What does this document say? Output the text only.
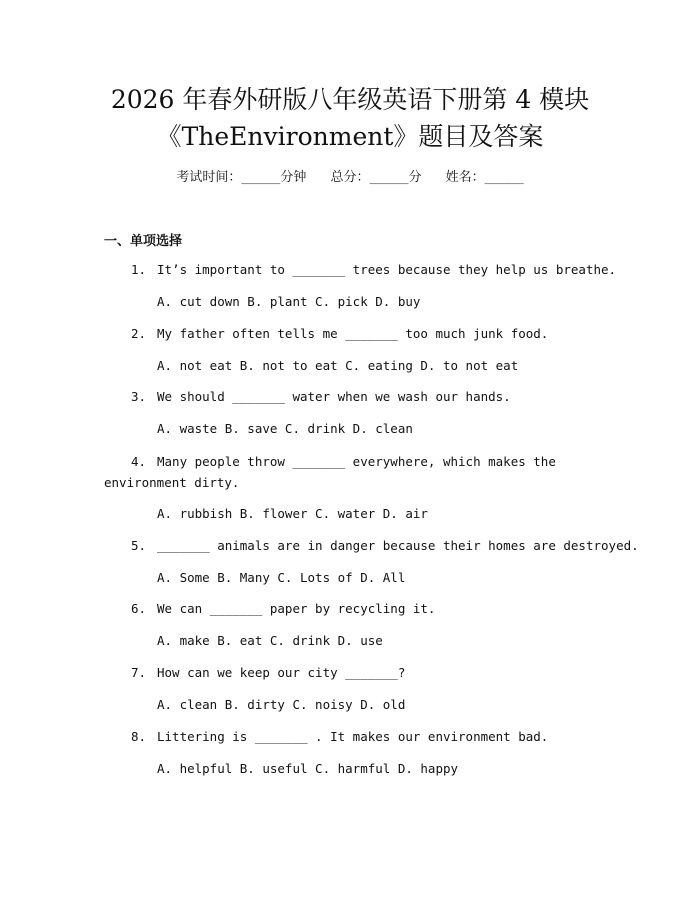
2026 年春外研版八年级英语下册第 4 模块
《TheEnvironment》题目及答案
考试时间：______分钟 总分：______分 姓名：______
一、单项选择
1. It’s important to _______ trees because they help us breathe.
A. cut down B. plant C. pick D. buy
2. My father often tells me _______ too much junk food.
A. not eat B. not to eat C. eating D. to not eat
3. We should _______ water when we wash our hands.
A. waste B. save C. drink D. clean
4. Many people throw _______ everywhere, which makes the
environment dirty.
A. rubbish B. flower C. water D. air
5. _______ animals are in danger because their homes are destroyed.
A. Some B. Many C. Lots of D. All
6. We can _______ paper by recycling it.
A. make B. eat C. drink D. use
7. How can we keep our city _______?
A. clean B. dirty C. noisy D. old
8. Littering is _______ . It makes our environment bad.
A. helpful B. useful C. harmful D. happy
